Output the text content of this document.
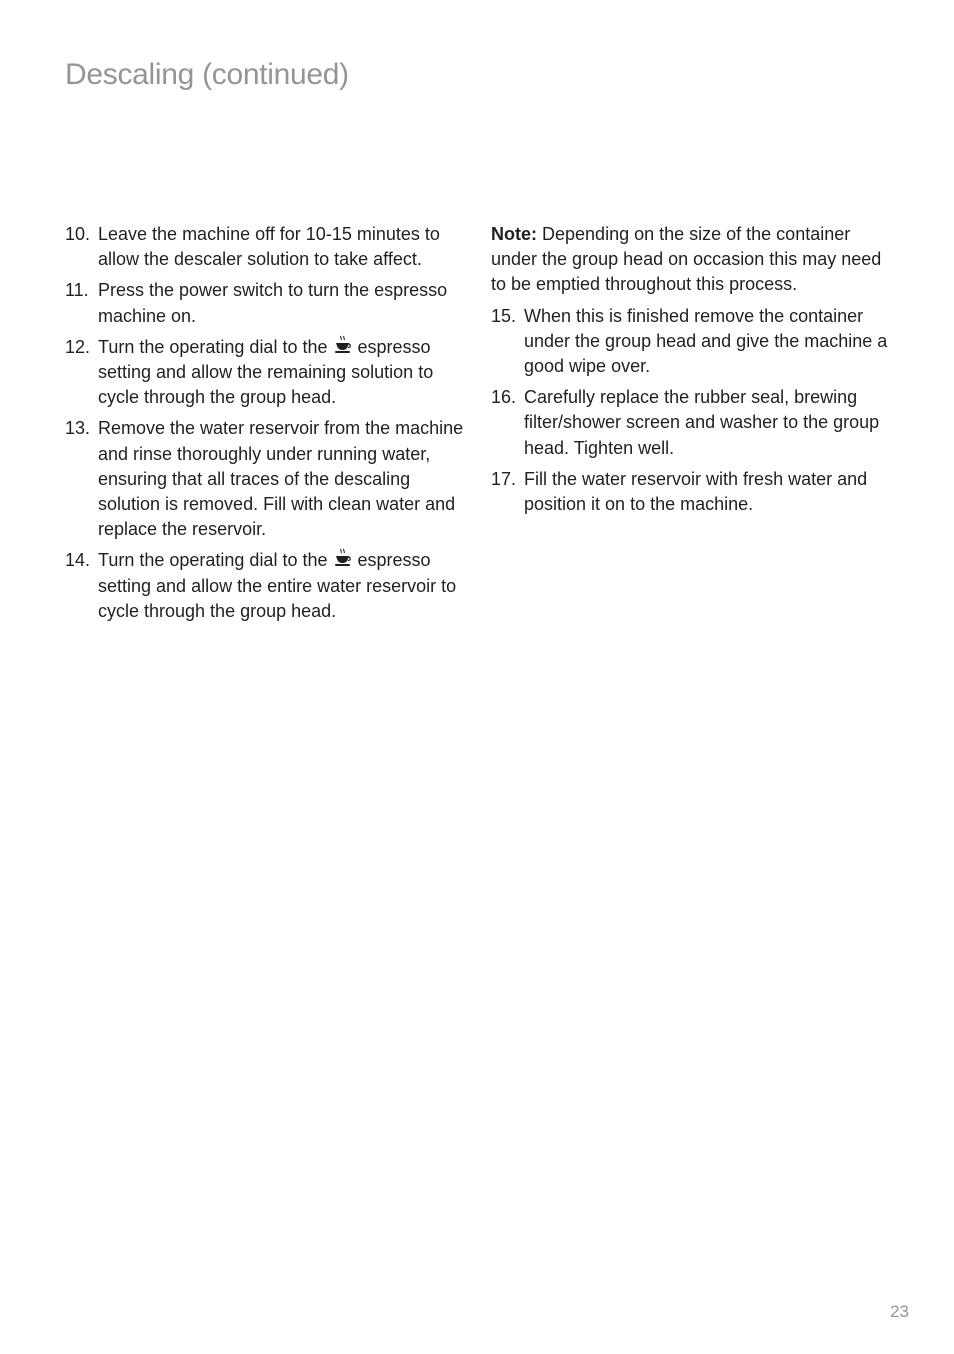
Descaling (continued)
10. Leave the machine off for 10-15 minutes to allow the descaler solution to take affect.
11. Press the power switch to turn the espresso machine on.
12. Turn the operating dial to the espresso setting and allow the remaining solution to cycle through the group head.
13. Remove the water reservoir from the machine and rinse thoroughly under running water, ensuring that all traces of the descaling solution is removed. Fill with clean water and replace the reservoir.
14. Turn the operating dial to the espresso setting and allow the entire water reservoir to cycle through the group head.

Note: Depending on the size of the container under the group head on occasion this may need to be emptied throughout this process.

15. When this is finished remove the container under the group head and give the machine a good wipe over.
16. Carefully replace the rubber seal, brewing filter/shower screen and washer to the group head. Tighten well.
17. Fill the water reservoir with fresh water and position it on to the machine.
23
